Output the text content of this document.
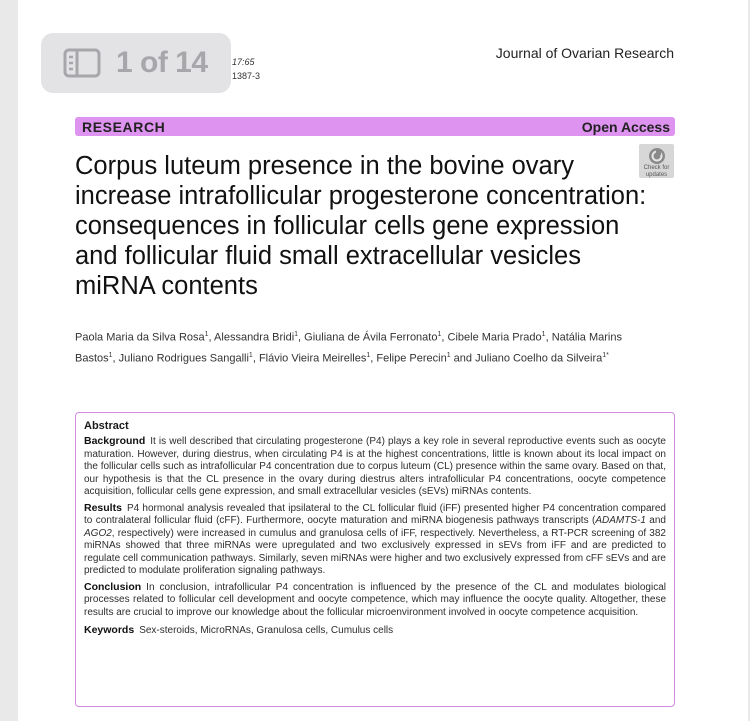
1 of 14	17:65
1387-3
Journal of Ovarian Research
RESEARCH	Open Access
Check for updates
Corpus luteum presence in the bovine ovary increase intrafollicular progesterone concentration: consequences in follicular cells gene expression and follicular fluid small extracellular vesicles miRNA contents
Paola Maria da Silva Rosa$^1$, Alessandra Bridi$^1$, Giuliana de Ávila Ferronato$^1$, Cibele Maria Prado$^1$, Natália Marins Bastos$^1$, Juliano Rodrigues Sangalli$^1$, Flávio Vieira Meirelles$^1$, Felipe Perecin$^1$ and Juliano Coelho da Silveira$^{1*}$
Abstract
Background It is well described that circulating progesterone (P4) plays a key role in several reproductive events such as oocyte maturation. However, during diestrus, when circulating P4 is at the highest concentrations, little is known about its local impact on the follicular cells such as intrafollicular P4 concentration due to corpus luteum (CL) presence within the same ovary. Based on that, our hypothesis is that the CL presence in the ovary during diestrus alters intrafollicular P4 concentrations, oocyte competence acquisition, follicular cells gene expression, and small extracellular vesicles (sEVs) miRNAs contents.
Results P4 hormonal analysis revealed that ipsilateral to the CL follicular fluid (iFF) presented higher P4 concentration compared to contralateral follicular fluid (cFF). Furthermore, oocyte maturation and miRNA biogenesis pathways transcripts (ADAMTS-1 and AGO2, respectively) were increased in cumulus and granulosa cells of iFF, respectively. Nevertheless, a RT-PCR screening of 382 miRNAs showed that three miRNAs were upregulated and two exclusively expressed in sEVs from iFF and are predicted to regulate cell communication pathways. Similarly, seven miRNAs were higher and two exclusively expressed from cFF sEVs and are predicted to modulate proliferation signaling pathways.
Conclusion In conclusion, intrafollicular P4 concentration is influenced by the presence of the CL and modulates biological processes related to follicular cell development and oocyte competence, which may influence the oocyte quality. Altogether, these results are crucial to improve our knowledge about the follicular microenvironment involved in oocyte competence acquisition.
Keywords Sex-steroids, MicroRNAs, Granulosa cells, Cumulus cells
